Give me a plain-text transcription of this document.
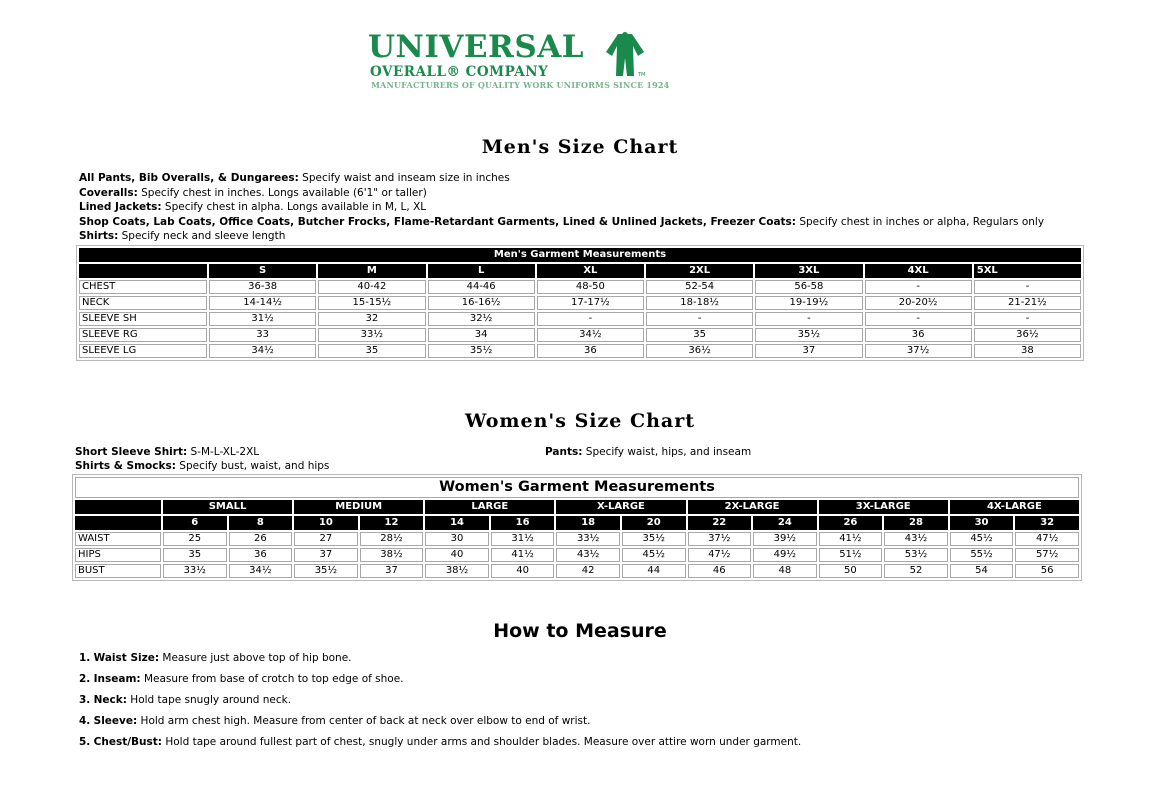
UNIVERSAL
OVERALL® COMPANY
MANUFACTURERS OF QUALITY WORK UNIFORMS SINCE 1924
TM
Men's Size Chart
All Pants, Bib Overalls, & Dungarees: Specify waist and inseam size in inches
Coveralls: Specify chest in inches. Longs available (6'1" or taller)
Lined Jackets: Specify chest in alpha. Longs available in M, L, XL
Shop Coats, Lab Coats, Office Coats, Butcher Frocks, Flame-Retardant Garments, Lined & Unlined Jackets, Freezer Coats: Specify chest in inches or alpha, Regulars only
Shirts: Specify neck and sleeve length
Men's Garment Measurements								
	S	M	L	XL	2XL	3XL	4XL	5XL
CHEST	36-38	40-42	44-46	48-50	52-54	56-58	-	-
NECK	14-14½	15-15½	16-16½	17-17½	18-18½	19-19½	20-20½	21-21½
SLEEVE SH	31½	32	32½	-	-	-	-	-
SLEEVE RG	33	33½	34	34½	35	35½	36	36½
SLEEVE LG	34½	35	35½	36	36½	37	37½	38
Women's Size Chart
Short Sleeve Shirt: S-M-L-XL-2XL	Pants: Specify waist, hips, and inseam
Shirts & Smocks: Specify bust, waist, and hips
Women's Garment Measurements														
	SMALL		MEDIUM		LARGE		X-LARGE		2X-LARGE		3X-LARGE		4X-LARGE	
	6	8	10	12	14	16	18	20	22	24	26	28	30	32
WAIST	25	26	27	28½	30	31½	33½	35½	37½	39½	41½	43½	45½	47½
HIPS	35	36	37	38½	40	41½	43½	45½	47½	49½	51½	53½	55½	57½
BUST	33½	34½	35½	37	38½	40	42	44	46	48	50	52	54	56
How to Measure
1. Waist Size: Measure just above top of hip bone.
2. Inseam: Measure from base of crotch to top edge of shoe.
3. Neck: Hold tape snugly around neck.
4. Sleeve: Hold arm chest high. Measure from center of back at neck over elbow to end of wrist.
5. Chest/Bust: Hold tape around fullest part of chest, snugly under arms and shoulder blades. Measure over attire worn under garment.
